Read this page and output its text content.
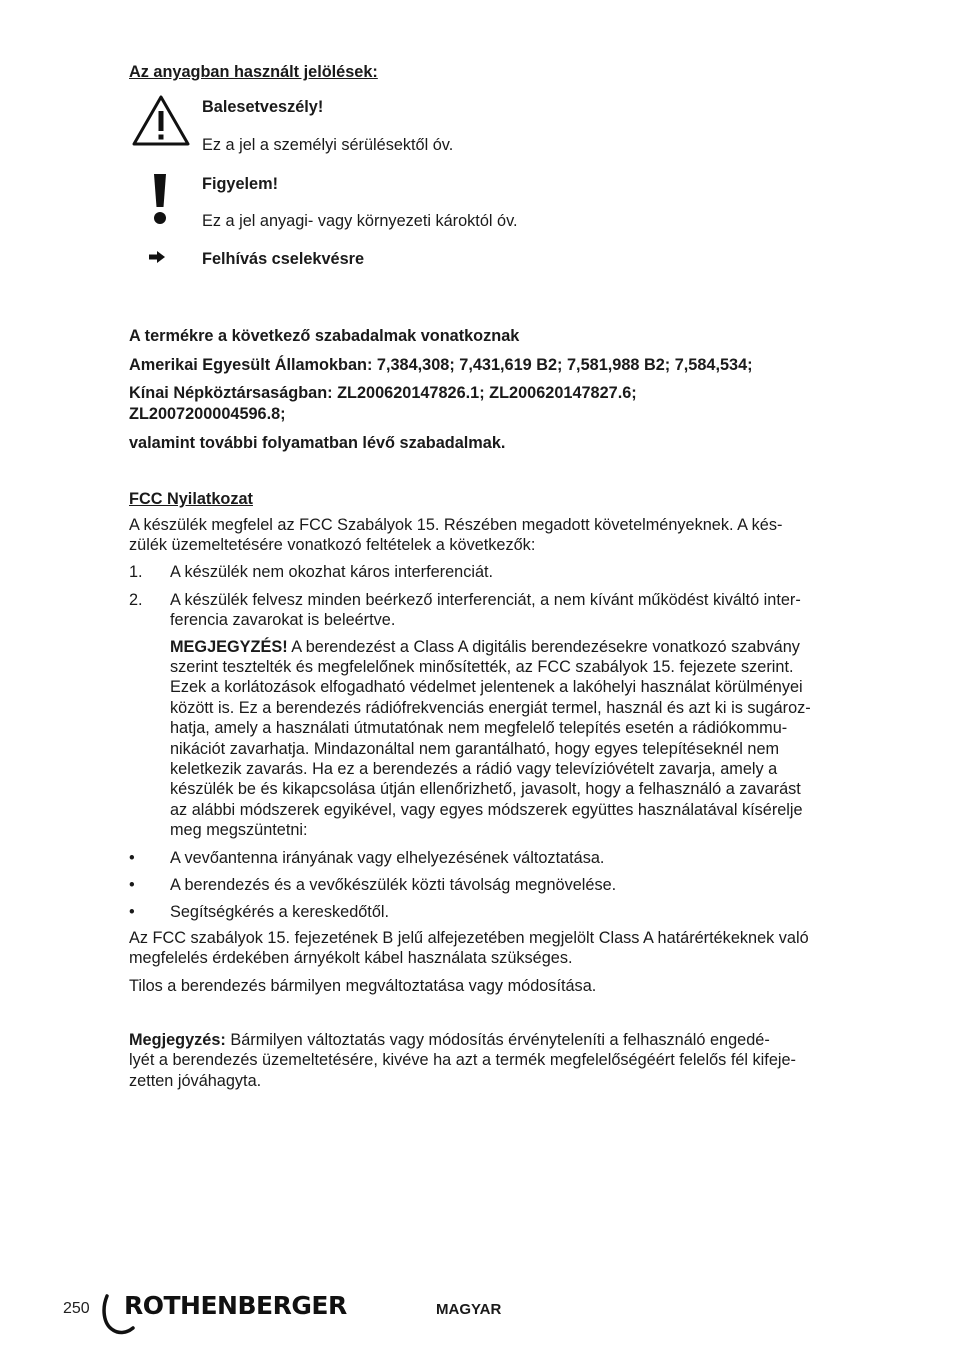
Az anyagban használt jelölések:
Balesetveszély!
Ez a jel a személyi sérülésektől óv.
Figyelem!
Ez a jel anyagi- vagy környezeti károktól óv.
Felhívás cselekvésre
A termékre a következő szabadalmak vonatkoznak
Amerikai Egyesült Államokban: 7,384,308; 7,431,619 B2; 7,581,988 B2; 7,584,534;
Kínai Népköztársaságban: ZL200620147826.1; ZL200620147827.6;
ZL2007200004596.8;
valamint további folyamatban lévő szabadalmak.
FCC Nyilatkozat
A készülék megfelel az FCC Szabályok 15. Részében megadott követelményeknek. A kés-
zülék üzemeltetésére vonatkozó feltételek a következők:
1. A készülék nem okozhat káros interferenciát.
2. A készülék felvesz minden beérkező interferenciát, a nem kívánt működést kiváltó inter-
ferencia zavarokat is beleértve.
MEGJEGYZÉS! A berendezést a Class A digitális berendezésekre vonatkozó szabvány
szerint tesztelték és megfelelőnek minősítették, az FCC szabályok 15. fejezete szerint.
Ezek a korlátozások elfogadható védelmet jelentenek a lakóhelyi használat körülményei
között is. Ez a berendezés rádiófrekvenciás energiát termel, használ és azt ki is sugároz-
hatja, amely a használati útmutatónak nem megfelelő telepítés esetén a rádiókommu-
nikációt zavarhatja. Mindazonáltal nem garantálható, hogy egyes telepítéseknél nem
keletkezik zavarás. Ha ez a berendezés a rádió vagy televízióvételt zavarja, amely a
készülék be és kikapcsolása útján ellenőrizhető, javasolt, hogy a felhasználó a zavarást
az alábbi módszerek egyikével, vagy egyes módszerek együttes használatával kísérelje
meg megszüntetni:
• A vevőantenna irányának vagy elhelyezésének változtatása.
• A berendezés és a vevőkészülék közti távolság megnövelése.
• Segítségkérés a kereskedőtől.
Az FCC szabályok 15. fejezetének B jelű alfejezetében megjelölt Class A határértékeknek való
megfelelés érdekében árnyékolt kábel használata szükséges.
Tilos a berendezés bármilyen megváltoztatása vagy módosítása.
Megjegyzés: Bármilyen változtatás vagy módosítás érvényteleníti a felhasználó engedé-
lyét a berendezés üzemeltetésére, kivéve ha azt a termék megfelelőségéért felelős fél kifeje-
zetten jóváhagyta.
250 ROTHENBERGER	MAGYAR
